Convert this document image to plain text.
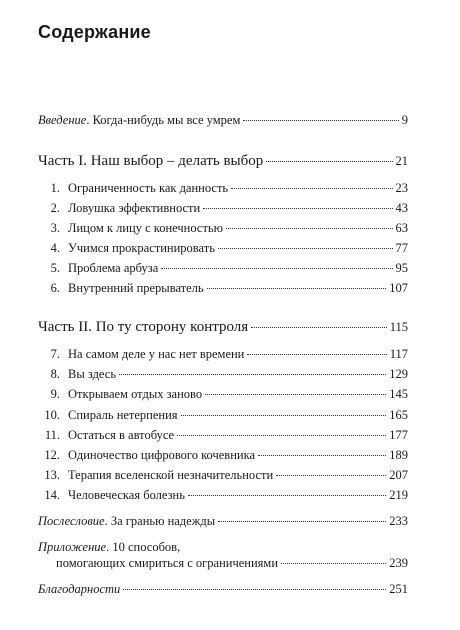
Содержание
Введение. Когда-нибудь мы все умрем	9
Часть I. Наш выбор – делать выбор	21
1. Ограниченность как данность	23
2. Ловушка эффективности	43
3. Лицом к лицу с конечностью	63
4. Учимся прокрастинировать	77
5. Проблема арбуза	95
6. Внутренний прерыватель	107
Часть II. По ту сторону контроля	115
7. На самом деле у нас нет времени	117
8. Вы здесь	129
9. Открываем отдых заново	145
10. Спираль нетерпения	165
11. Остаться в автобусе	177
12. Одиночество цифрового кочевника	189
13. Терапия вселенской незначительности	207
14. Человеческая болезнь	219
Послесловие. За гранью надежды	233
Приложение. 10 способов,
помогающих смириться с ограничениями	239
Благодарности	251
